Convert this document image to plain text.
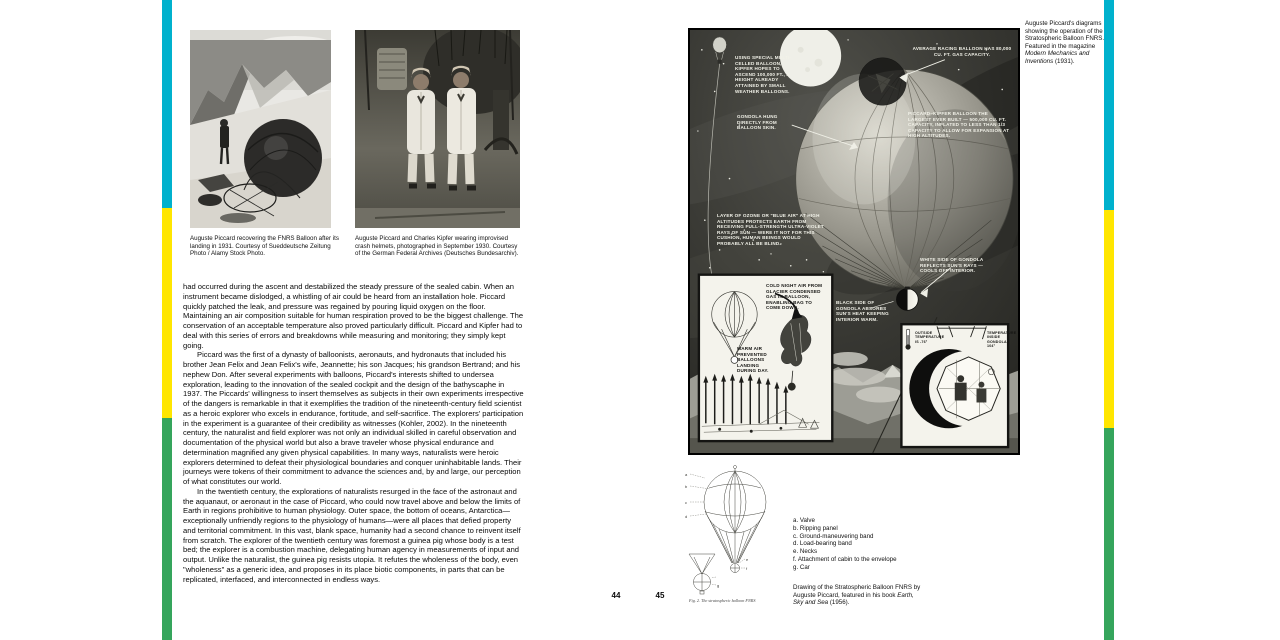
Auguste Piccard recovering the FNRS Balloon after its landing in 1931. Courtesy of Sueddeutsche Zeitung Photo / Alamy Stock Photo.
Auguste Piccard and Charles Kipfer wearing improvised crash helmets, photographed in September 1930. Courtesy of the German Federal Archives (Deutsches Bundesarchiv).

had occurred during the ascent and destabilized the steady pressure of the sealed cabin. When an instrument became dislodged, a whistling of air could be heard from an installation hole. Piccard quickly patched the leak, and pressure was regained by pouring liquid oxygen on the floor. Maintaining an air composition suitable for human respiration proved to be the biggest challenge. The conservation of an acceptable temperature also proved particularly difficult. Piccard and Kipfer had to deal with this series of errors and breakdowns while measuring and monitoring; they simply kept going.

Piccard was the first of a dynasty of balloonists, aeronauts, and hydronauts that included his brother Jean Felix and Jean Felix's wife, Jeannette; his son Jacques; his grandson Bertrand; and his nephew Don. After several experiments with balloons, Piccard's interests shifted to undersea exploration, leading to the innovation of the sealed cockpit and the design of the bathyscaphe in 1937. The Piccards' willingness to insert themselves as subjects in their own experiments irrespective of the dangers is remarkable in that it exemplifies the tradition of the nineteenth-century field scientist as a heroic explorer who excels in endurance, fortitude, and self-sacrifice. The explorers' participation in the experiment is a guarantee of their credibility as witnesses (Kohler, 2002). In the nineteenth century, the naturalist and field explorer was not only an individual skilled in careful observation and documentation of the physical world but also a brave traveler whose physical endurance and determination magnified any given physical capabilities. In many ways, naturalists were heroic explorers determined to defeat their physiological boundaries and conquer uninhabitable lands. Their journeys were tokens of their commitment to advance the sciences and, by and large, our perception of what constitutes our world.

In the twentieth century, the explorations of naturalists resurged in the face of the astronaut and the aquanaut, or aeronaut in the case of Piccard, who could now travel above and below the limits of Earth in regions prohibitive to human physiology. Outer space, the bottom of oceans, Antarctica—exceptionally unfriendly regions to the physiology of humans—were all places that defied property and territorial commitment. In this vast, blank space, humanity had a second chance to reinvent itself from scratch. The explorer of the twentieth century was foremost a guinea pig whose body is a test bed; the explorer is a combustion machine, delegating human agency in measurements of input and output. Unlike the naturalist, the guinea pig resists utopia. It refutes the wholeness of the body, even "wholeness" as a generic idea, and proposes in its place biotic components, in parts that can be replicated, interfaced, and interconnected in endless ways.

44	45
USING SPECIAL MULTI-CELLED BALLOON, KIPFER HOPES TO ASCEND 100,000 FT., A HEIGHT ALREADY ATTAINED BY SMALL WEATHER BALLOONS.
AVERAGE RACING BALLOON HAS 80,000 CU. FT. GAS CAPACITY.
GONDOLA HUNG DIRECTLY FROM BALLOON SKIN.
PICCARD–KIPFER BALLOON THE LARGEST EVER BUILT — 500,000 CU. FT. CAPACITY, INFLATED TO LESS THAN 1/3 CAPACITY TO ALLOW FOR EXPANSION AT HIGH ALTITUDES.
LAYER OF OZONE OR "BLUE AIR" AT HIGH ALTITUDES PROTECTS EARTH FROM RECEIVING FULL-STRENGTH ULTRA-VIOLET RAYS OF SUN — WERE IT NOT FOR THIS CUSHION, HUMAN BEINGS WOULD PROBABLY ALL BE BLIND.
WHITE SIDE OF GONDOLA REFLECTS SUN'S RAYS — COOLS OFF INTERIOR.
BLACK SIDE OF GONDOLA ABSORBS SUN'S HEAT KEEPING INTERIOR WARM.
COLD NIGHT AIR FROM GLACIER CONDENSED GAS IN BALLOON, ENABLING BAG TO COME DOWN.
WARM AIR PREVENTED BALLOONS LANDING DURING DAY.
OUTSIDE TEMPERATURE IS -76°
TEMPERATURE INSIDE GONDOLA 104°
Auguste Piccard's diagrams showing the operation of the Stratospheric Balloon FNRS. Featured in the magazine Modern Mechanics and Inventions (1931).
a
b
c
d
e
f
g
Fig. 2. The stratospheric balloon FNRS
a. Valve
b. Ripping panel
c. Ground-maneuvering band
d. Load-bearing band
e. Necks
f. Attachment of cabin to the envelope
g. Car
Drawing of the Stratospheric Balloon FNRS by Auguste Piccard, featured in his book Earth, Sky and Sea (1956).
